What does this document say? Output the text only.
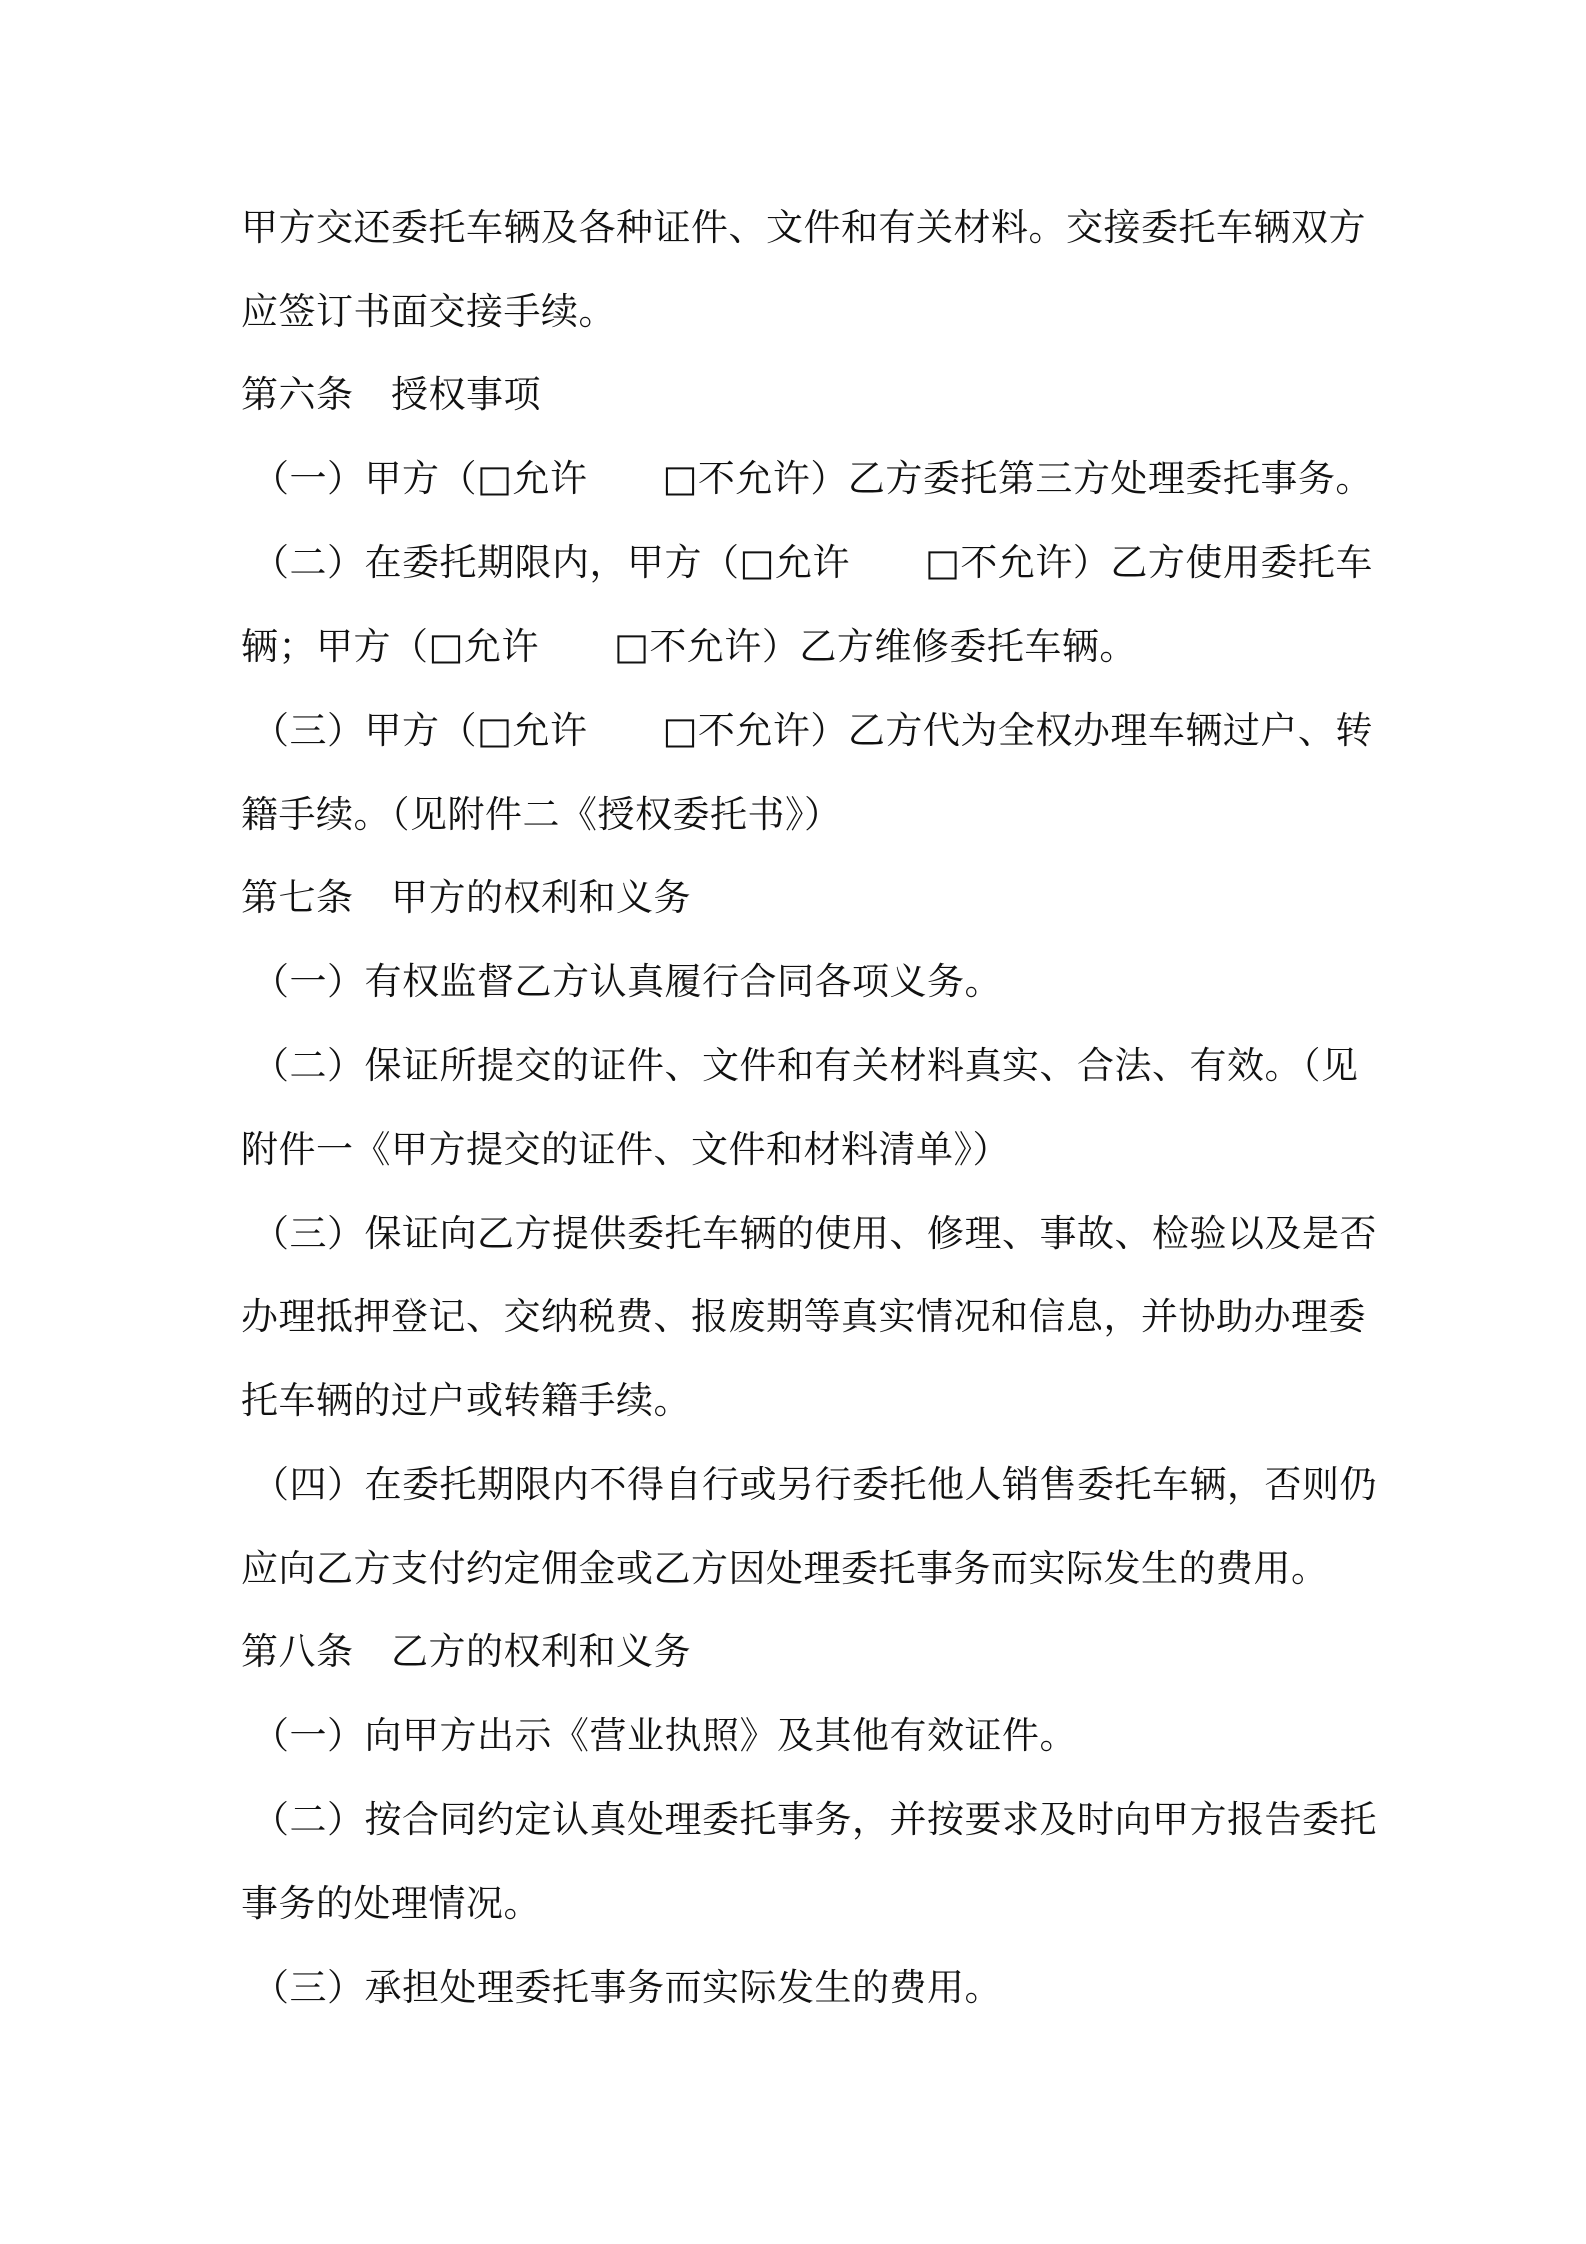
甲方交还委托车辆及各种证件、文件和有关材料。交接委托车辆双方
应签订书面交接手续。
第六条　授权事项
（一）甲方（□允许　　□不允许）乙方委托第三方处理委托事务。
（二）在委托期限内，甲方（□允许　　□不允许）乙方使用委托车
辆；甲方（□允许　　□不允许）乙方维修委托车辆。
（三）甲方（□允许　　□不允许）乙方代为全权办理车辆过户、转
籍手续。（见附件二《授权委托书》）
第七条　甲方的权利和义务
（一）有权监督乙方认真履行合同各项义务。
（二）保证所提交的证件、文件和有关材料真实、合法、有效。（见
附件一《甲方提交的证件、文件和材料清单》）
（三）保证向乙方提供委托车辆的使用、修理、事故、检验以及是否
办理抵押登记、交纳税费、报废期等真实情况和信息，并协助办理委
托车辆的过户或转籍手续。
（四）在委托期限内不得自行或另行委托他人销售委托车辆，否则仍
应向乙方支付约定佣金或乙方因处理委托事务而实际发生的费用。
第八条　乙方的权利和义务
（一）向甲方出示《营业执照》及其他有效证件。
（二）按合同约定认真处理委托事务，并按要求及时向甲方报告委托
事务的处理情况。
（三）承担处理委托事务而实际发生的费用。
